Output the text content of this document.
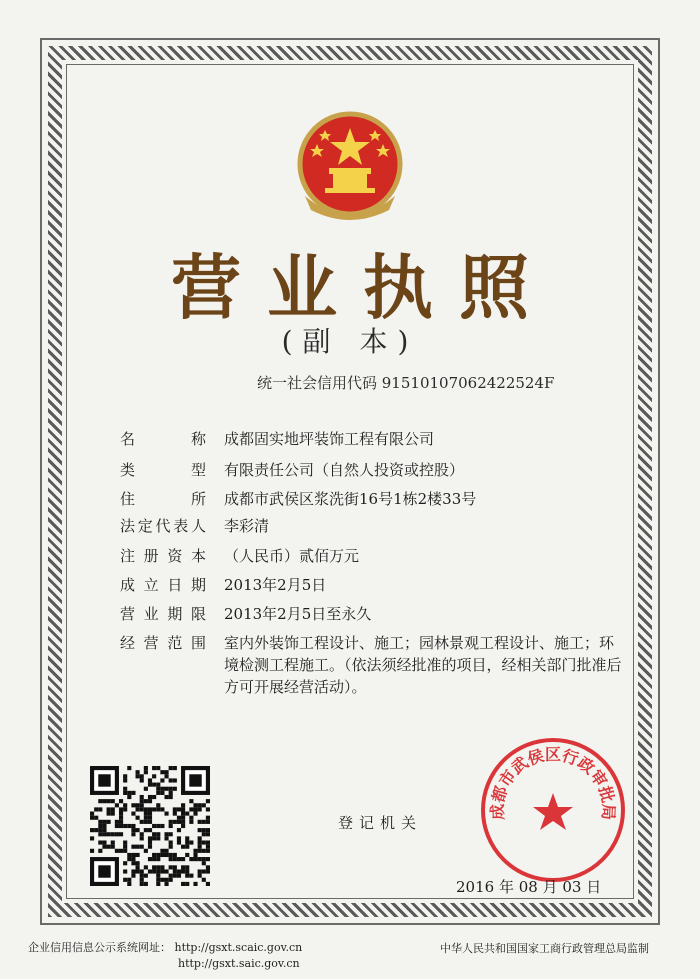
营业执照
(副 本)
统一社会信用代码 91510107062422524F
名称 成都固实地坪装饰工程有限公司
类型 有限责任公司（自然人投资或控股）
住所 成都市武侯区浆洗街16号1栋2楼33号
法定代表人 李彩清
注册资本 （人民币）贰佰万元
成立日期 2013年2月5日
营业期限 2013年2月5日至永久
经营范围 室内外装饰工程设计、施工；园林景观工程设计、施工；环境检测工程施工。（依法须经批准的项目，经相关部门批准后方可开展经营活动）。
登记机关
成都市武侯区行政审批局
2016 年 08 月 03 日
企业信用信息公示系统网址： http://gsxt.scaic.gov.cn
http://gsxt.saic.gov.cn
中华人民共和国国家工商行政管理总局监制
